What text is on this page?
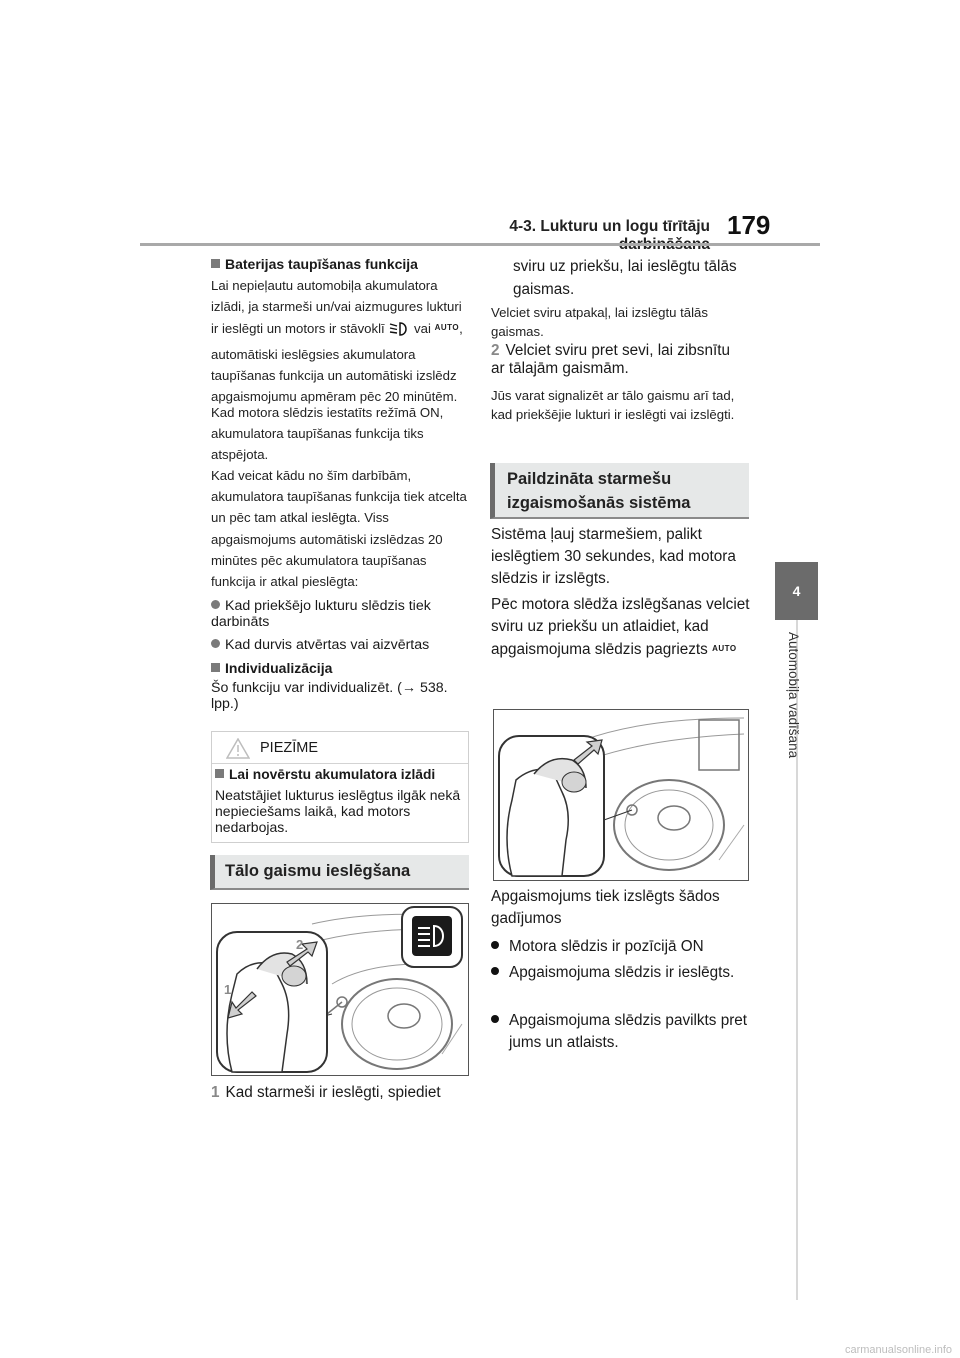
4-3. Lukturu un logu tīrītāju 179
4
Automobiļa vadīšana
Baterijas taupīšanas funkcija
Lai nepieļautu automobiļa akumulatora izlādi, ja starmeši un/vai aizmugures lukturi ir ieslēgti un motors ir stāvoklī vai $^{AUTO}$, automātiski ieslēgsies akumulatora taupīšanas funkcija un automātiski izslēdz apgaismojumu apmēram pēc 20 minūtēm.
Kad motora slēdzis iestatīts režīmā ON, akumulatora taupīšanas funkcija tiks atspējota.
Kad veicat kādu no šīm darbībām, akumulatora taupīšanas funkcija tiek atcelta un pēc tam atkal ieslēgta. Viss apgaismojums automātiski izslēdzas 20 minūtes pēc akumulatora taupīšanas funkcija ir atkal pieslēgta:
Kad priekšējo lukturu slēdzis tiek darbināts
Kad durvis atvērtas vai aizvērtas
Individualizācija
Šo funkciju var individualizēt. (→ 538. lpp.)
PIEZĪME
Lai novērstu akumulatora izlādi
Neatstājiet lukturus ieslēgtus ilgāk nekā nepieciešams laikā, kad motors nedarbojas.
Tālo gaismu ieslēgšana
2
1
1 Kad starmeši ir ieslēgti, spiediet
sviru uz priekšu, lai ieslēgtu tālās gaismas.
Velciet sviru atpakaļ, lai izslēgtu tālās gaismas.
2 Velciet sviru pret sevi, lai zibsnītu ar tālajām gaismām.
Jūs varat signalizēt ar tālo gaismu arī tad, kad priekšējie lukturi ir ieslēgti vai izslēgti.
Paildzināta starmešu
izgaismošanās sistēma
Sistēma ļauj starmešiem, palikt ieslēgtiem 30 sekundes, kad motora slēdzis ir izslēgts.
Pēc motora slēdža izslēgšanas velciet sviru uz priekšu un atlaidiet, kad apgaismojuma slēdzis pagriezts AUTO
Apgaismojums tiek izslēgts šādos gadījumos
Motora slēdzis ir pozīcijā ON
Apgaismojuma slēdzis ir ieslēgts.
Apgaismojuma slēdzis pavilkts pret jums un atlaists.
carmanualsonline.info
